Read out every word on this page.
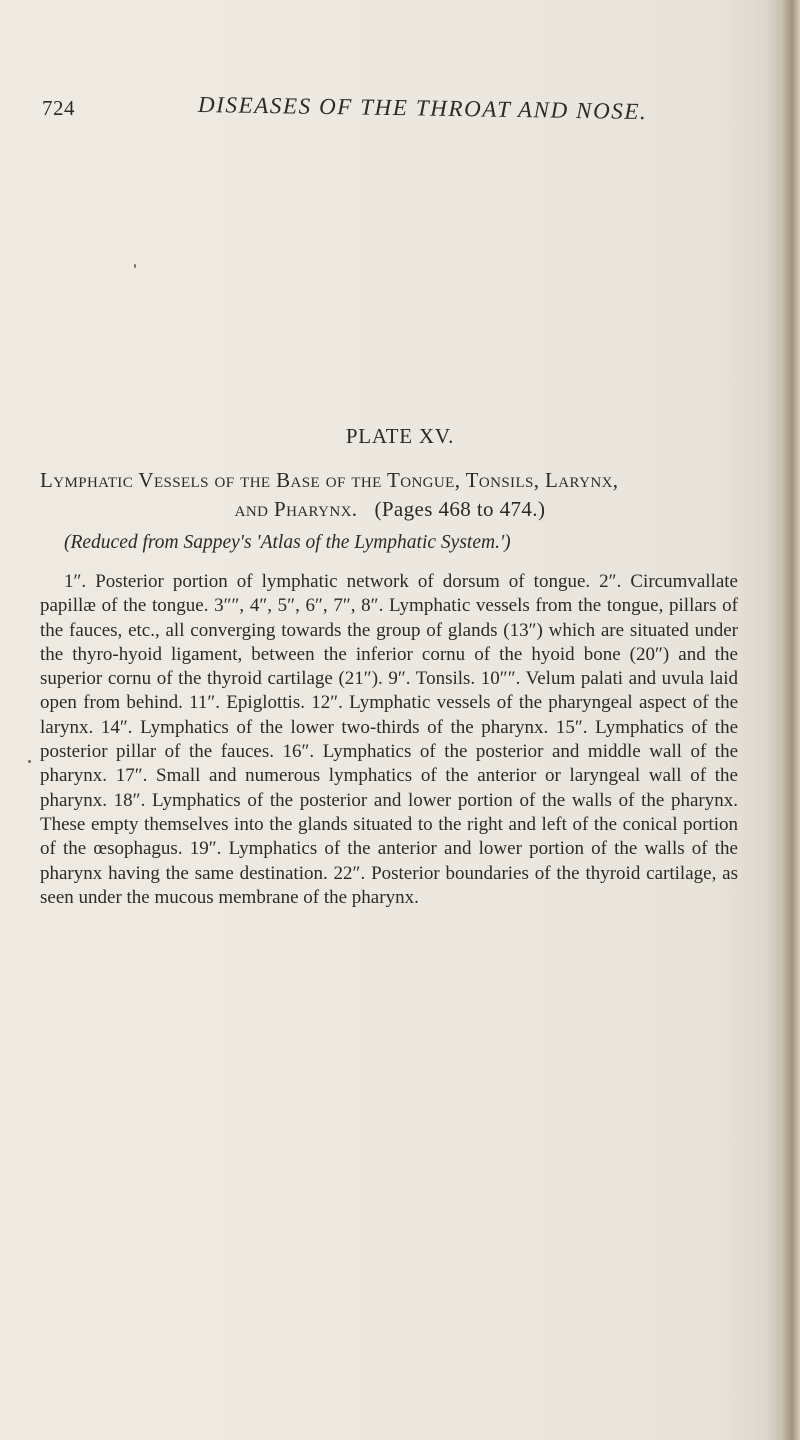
724	DISEASES OF THE THROAT AND NOSE.
PLATE XV.
Lymphatic Vessels of the Base of the Tongue, Tonsils, Larynx,
and Pharynx. (Pages 468 to 474.)
(Reduced from Sappey's 'Atlas of the Lymphatic System.')

1″. Posterior portion of lymphatic network of dorsum of tongue. 2″. Circumvallate papillæ of the tongue. 3″″, 4″, 5″, 6″, 7″, 8″. Lymphatic vessels from the tongue, pillars of the fauces, etc., all converging towards the group of glands (13″) which are situated under the thyro-hyoid ligament, between the inferior cornu of the hyoid bone (20″) and the superior cornu of the thyroid cartilage (21″). 9″. Tonsils. 10″″. Velum palati and uvula laid open from behind. 11″. Epiglottis. 12″. Lymphatic vessels of the pharyngeal aspect of the larynx. 14″. Lymphatics of the lower two-thirds of the pharynx. 15″. Lymphatics of the posterior pillar of the fauces. 16″. Lymphatics of the posterior and middle wall of the pharynx. 17″. Small and numerous lymphatics of the anterior or laryngeal wall of the pharynx. 18″. Lymphatics of the posterior and lower portion of the walls of the pharynx. These empty themselves into the glands situated to the right and left of the conical portion of the œsophagus. 19″. Lymphatics of the anterior and lower portion of the walls of the pharynx having the same destination. 22″. Posterior boundaries of the thyroid cartilage, as seen under the mucous membrane of the pharynx.
